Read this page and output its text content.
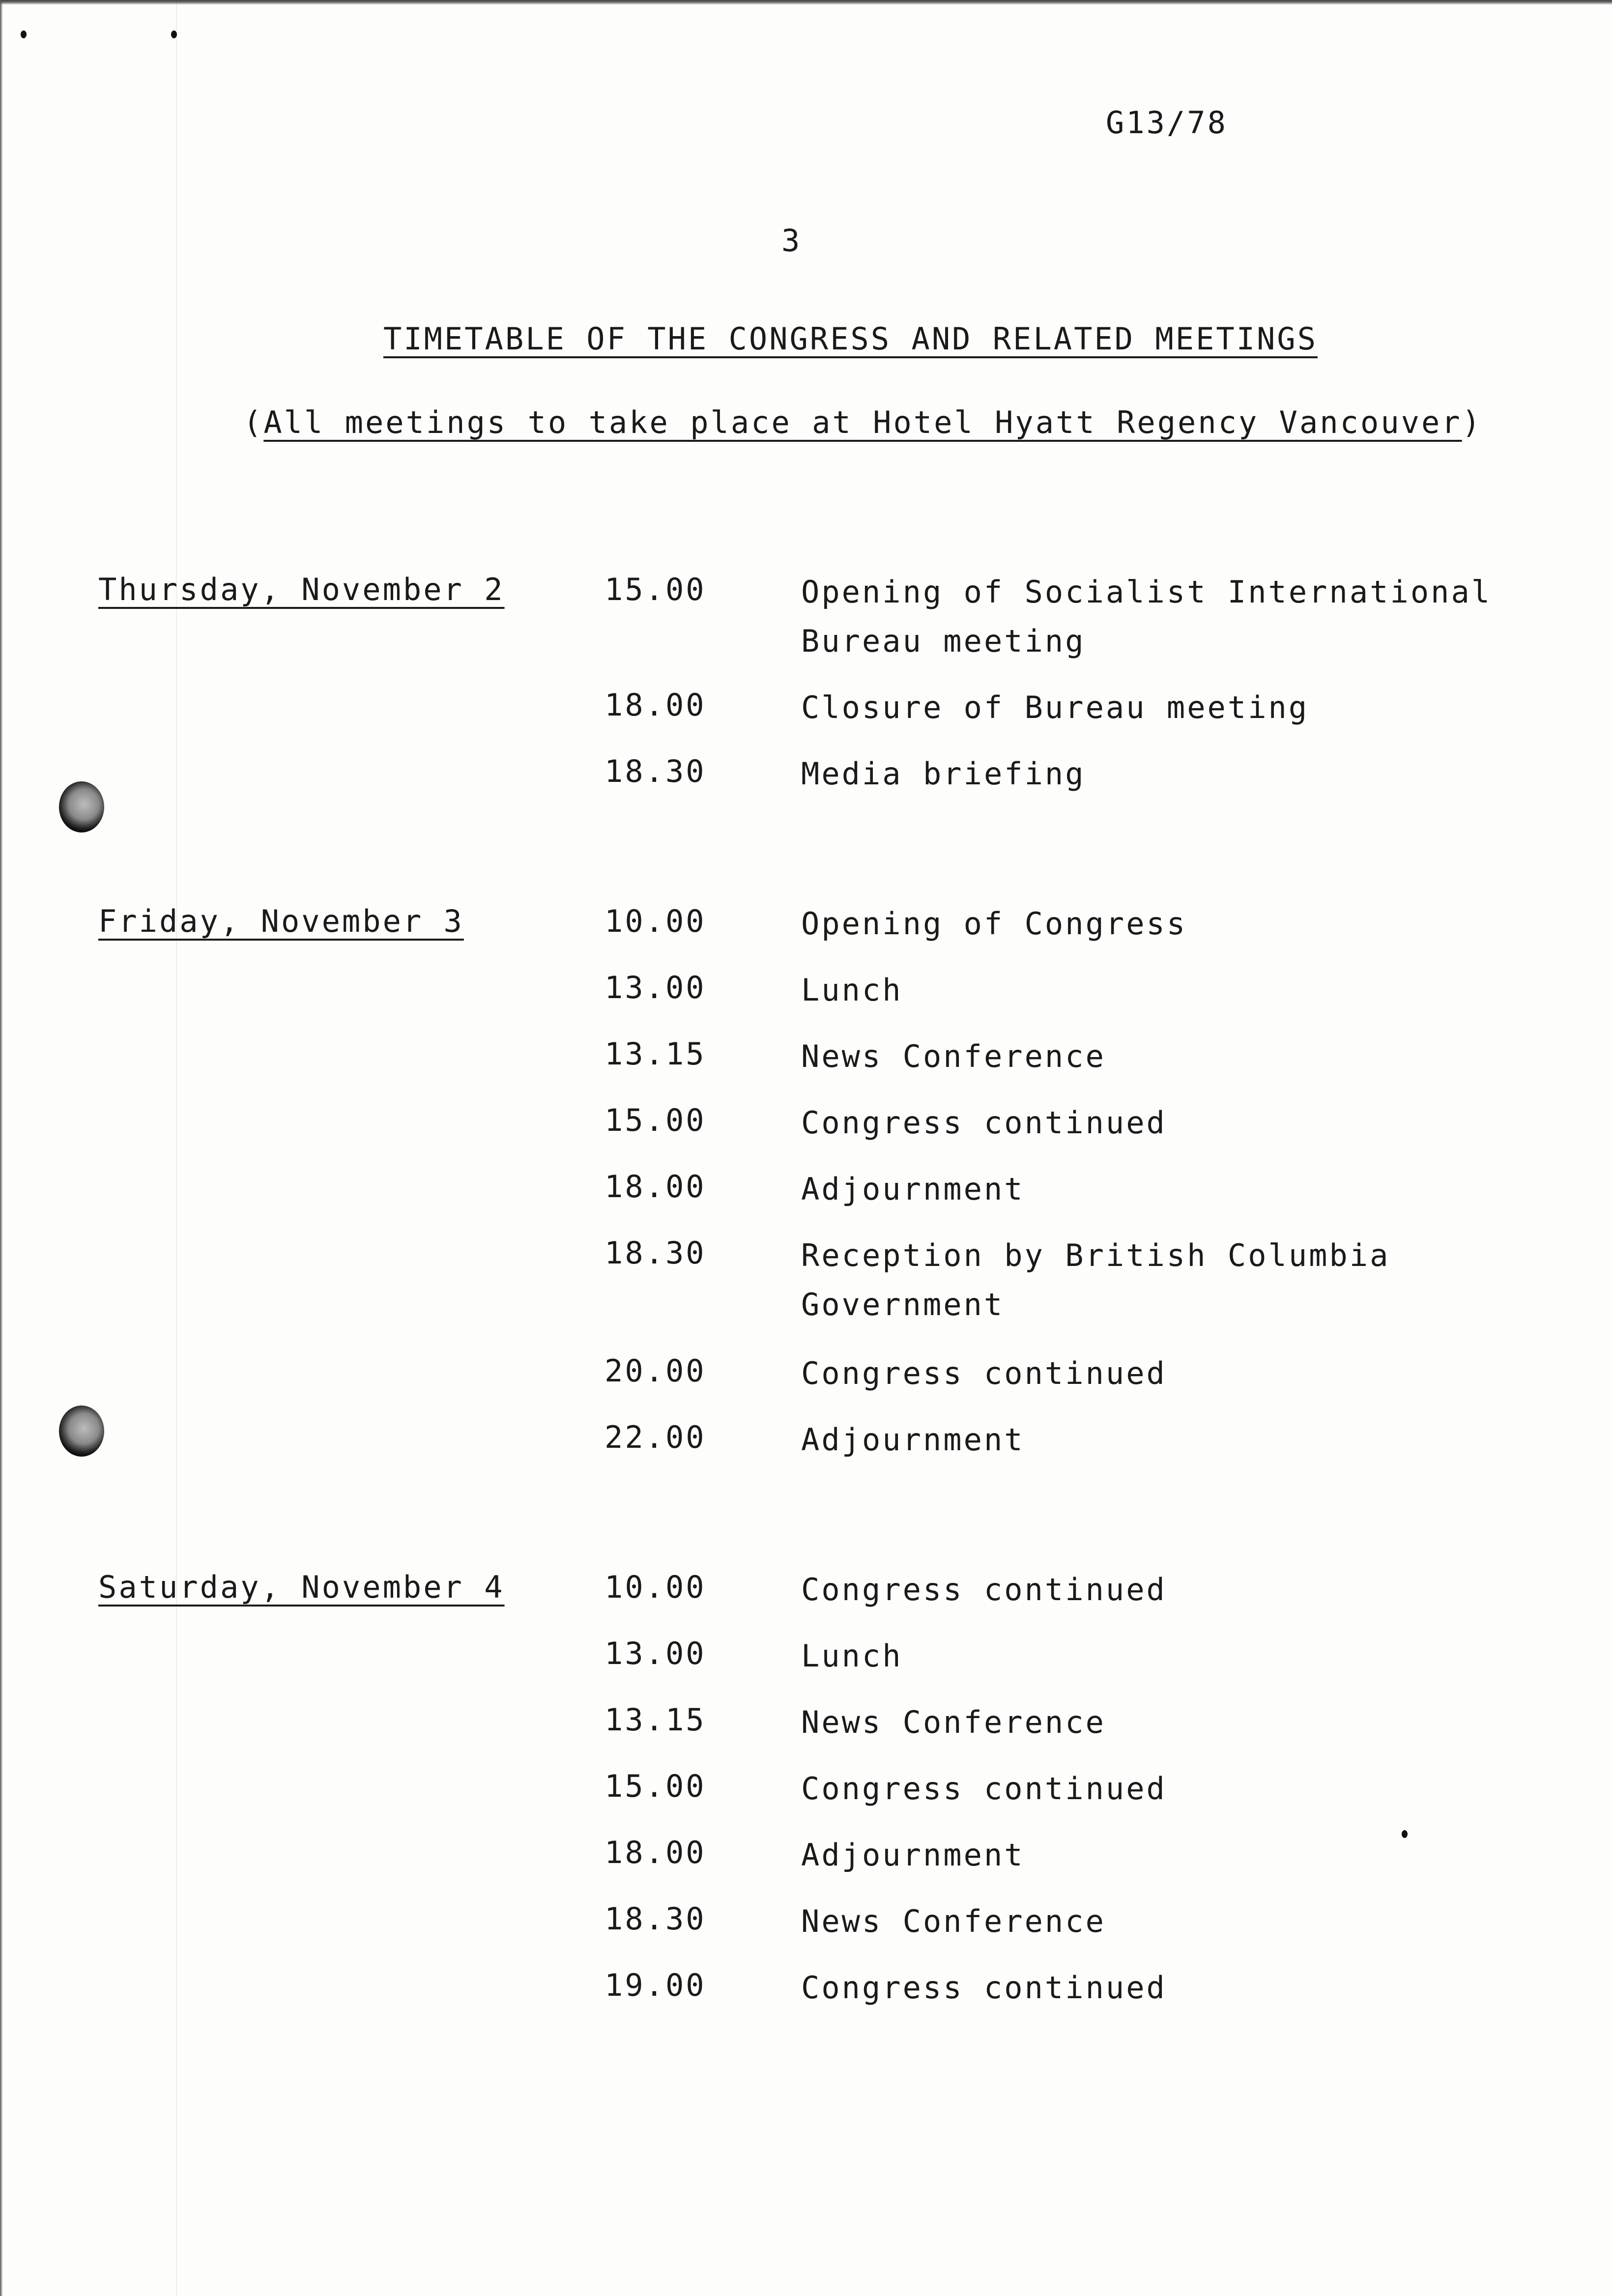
G13/78
3
TIMETABLE OF THE CONGRESS AND RELATED MEETINGS
(All meetings to take place at Hotel Hyatt Regency Vancouver)
Thursday, November 2	15.00	Opening of Socialist International
Bureau meeting
18.00	Closure of Bureau meeting
18.30	Media briefing
Friday, November 3	10.00	Opening of Congress
13.00	Lunch
13.15	News Conference
15.00	Congress continued
18.00	Adjournment
18.30	Reception by British Columbia
Government
20.00	Congress continued
22.00	Adjournment
Saturday, November 4	10.00	Congress continued
13.00	Lunch
13.15	News Conference
15.00	Congress continued
18.00	Adjournment
18.30	News Conference
19.00	Congress continued
